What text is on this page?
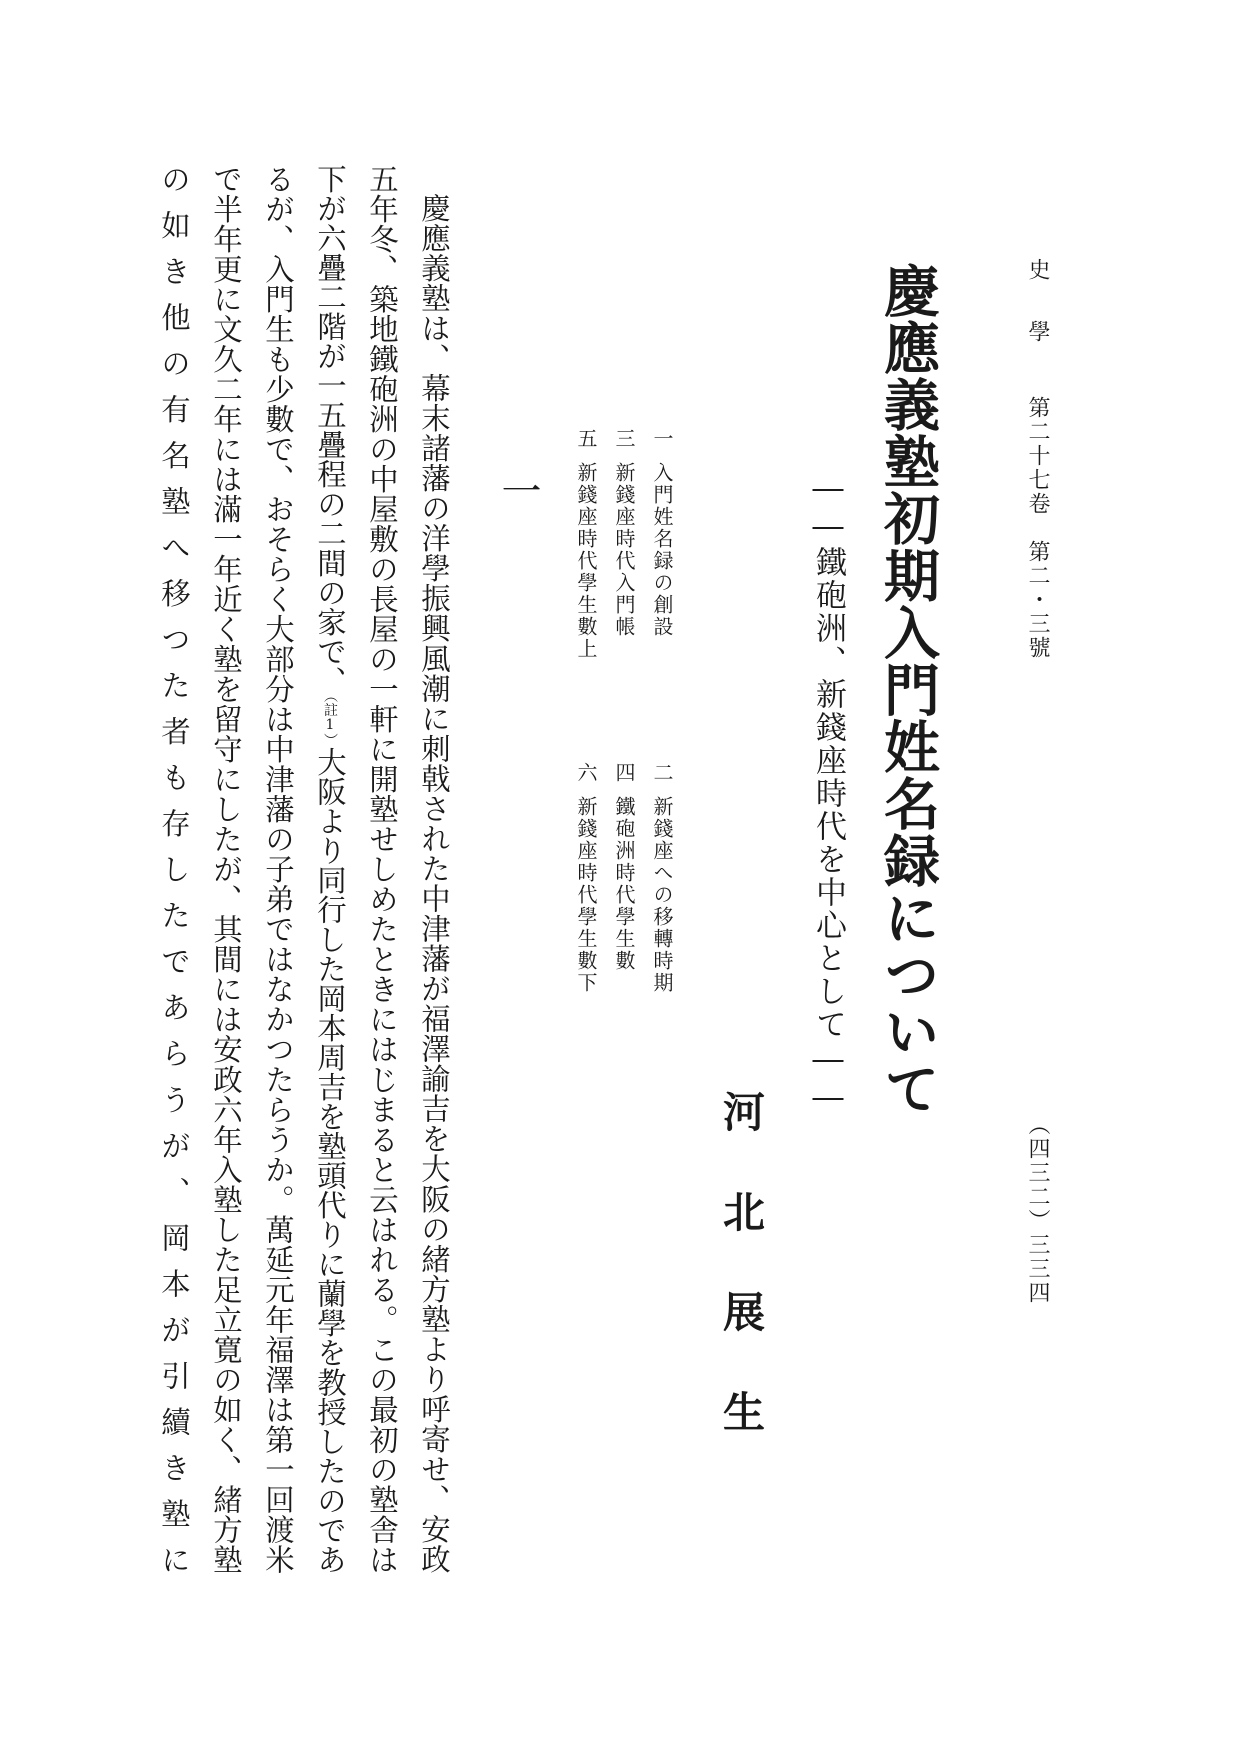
史學第二十七卷　第二・三號
（四三二）三三四
慶應義塾初期入門姓名録について
――鐵砲洲、新錢座時代を中心として――
河北展生
一入門姓名録の創設
二新錢座への移轉時期
三新錢座時代入門帳
四鐵砲洲時代學生數
五新錢座時代學生數上
六新錢座時代學生數下
一

慶應義塾は、幕末諸藩の洋學振興風潮に刺戟された中津藩が福澤諭吉を大阪の緒方塾より呼寄せ、安政五年冬、築地鐵砲洲の中屋敷の長屋の一軒に開塾せしめたときにはじまると云はれる。この最初の塾舎は下が六疊二階が一五疊程の二間の家で、（註1）大阪より同行した岡本周吉を塾頭代りに蘭學を教授したのであるが、入門生も少數で、おそらく大部分は中津藩の子弟ではなかつたらうか。萬延元年福澤は第一回渡米で半年更に文久二年には滿一年近く塾を留守にしたが、其間には安政六年入塾した足立寛の如く、緒方塾の如き他の有名塾へ移つた者も存したであらうが、岡本が引續き塾に
